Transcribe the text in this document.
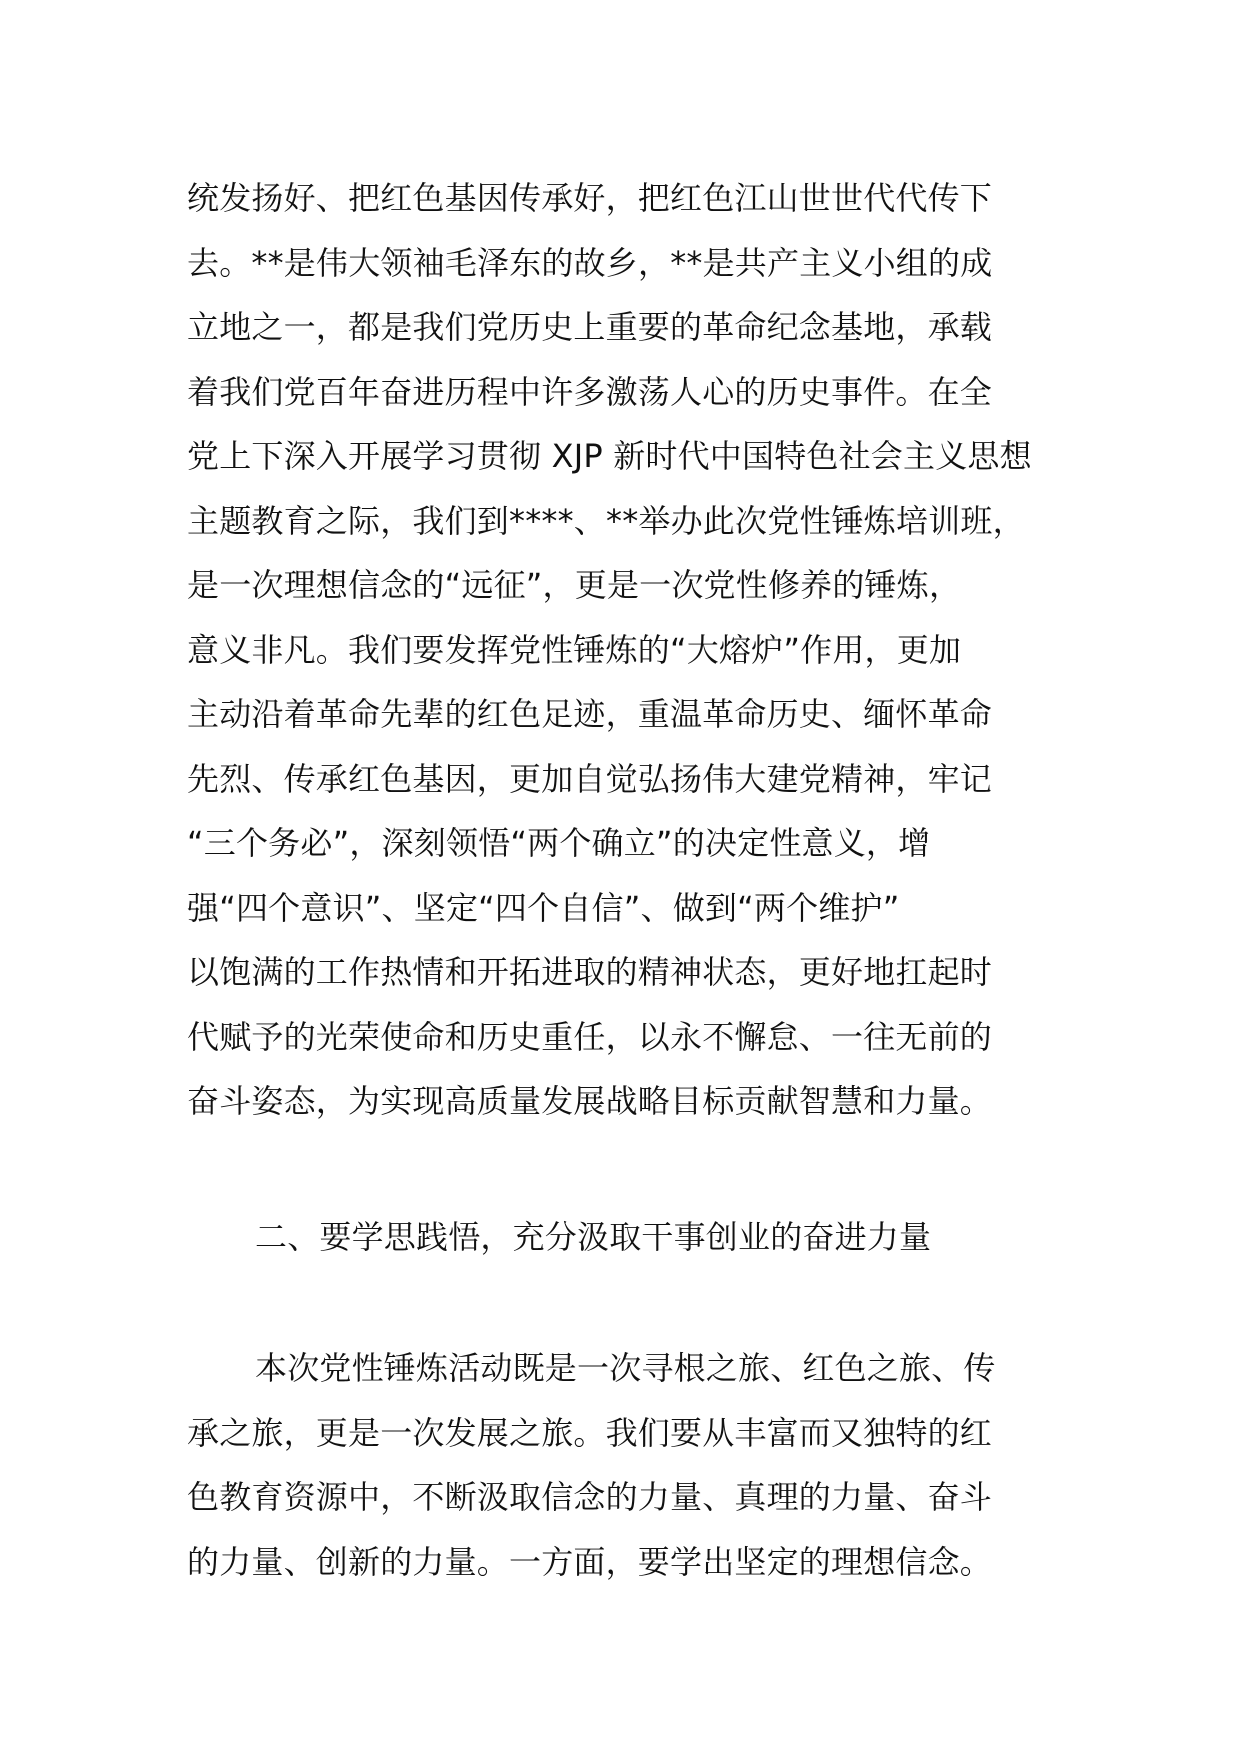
统发扬好、把红色基因传承好，把红色江山世世代代传下
去。**是伟大领袖毛泽东的故乡，**是共产主义小组的成
立地之一，都是我们党历史上重要的革命纪念基地，承载
着我们党百年奋进历程中许多激荡人心的历史事件。在全
党上下深入开展学习贯彻 XJP 新时代中国特色社会主义思想
主题教育之际，我们到****、**举办此次党性锤炼培训班，
是一次理想信念的“远征”，更是一次党性修养的锤炼，
意义非凡。我们要发挥党性锤炼的“大熔炉”作用，更加
主动沿着革命先辈的红色足迹，重温革命历史、缅怀革命
先烈、传承红色基因，更加自觉弘扬伟大建党精神，牢记
“三个务必”，深刻领悟“两个确立”的决定性意义，增
强“四个意识”、坚定“四个自信”、做到“两个维护”
以饱满的工作热情和开拓进取的精神状态，更好地扛起时
代赋予的光荣使命和历史重任，以永不懈怠、一往无前的
奋斗姿态，为实现高质量发展战略目标贡献智慧和力量。
二、要学思践悟，充分汲取干事创业的奋进力量
本次党性锤炼活动既是一次寻根之旅、红色之旅、传
承之旅，更是一次发展之旅。我们要从丰富而又独特的红
色教育资源中，不断汲取信念的力量、真理的力量、奋斗
的力量、创新的力量。一方面，要学出坚定的理想信念。
